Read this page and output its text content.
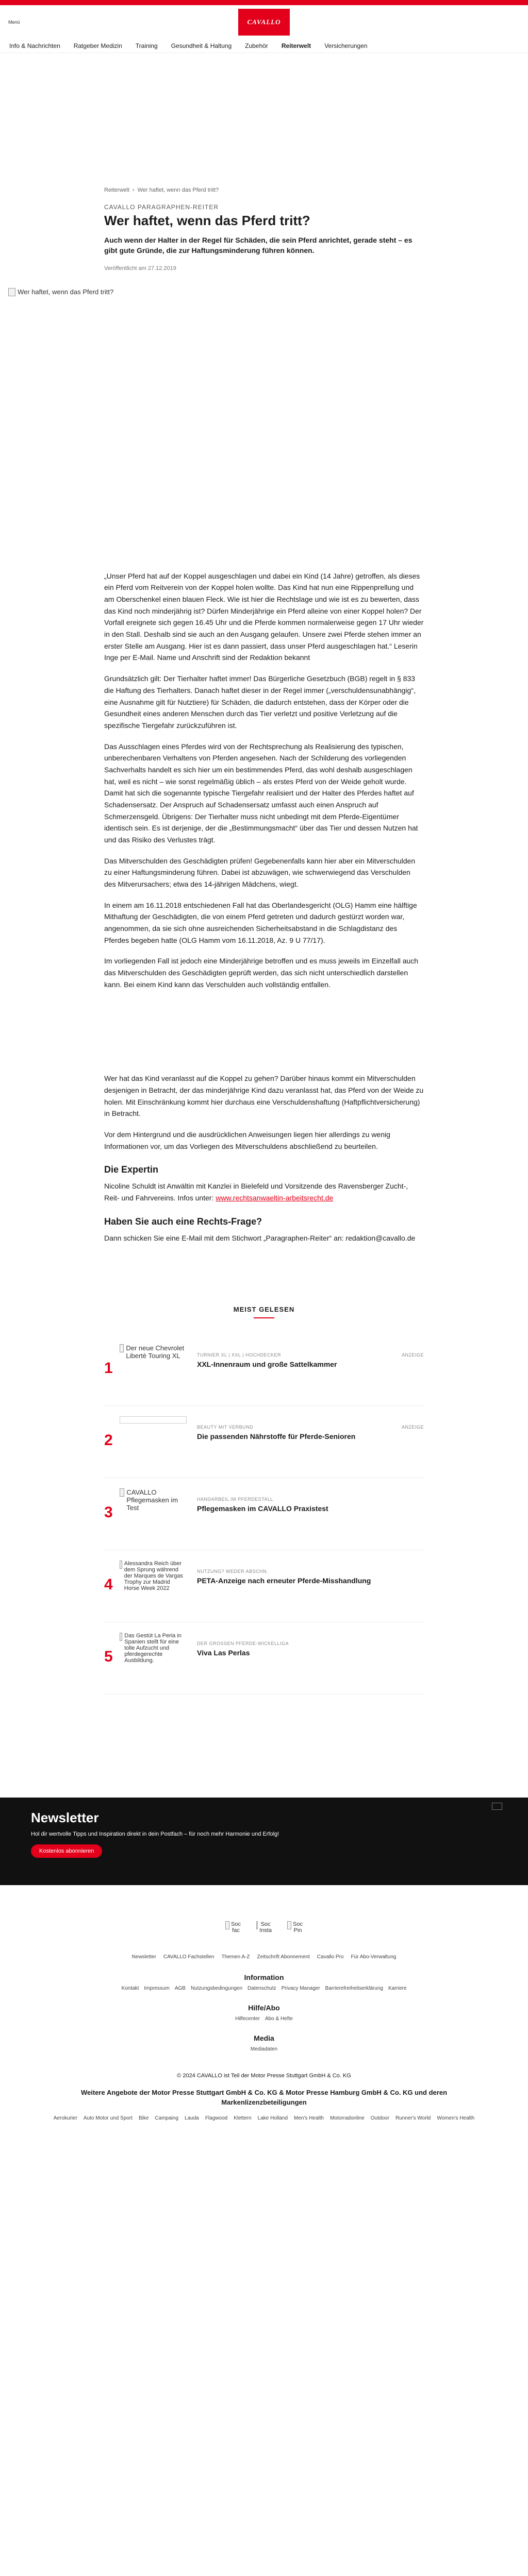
Menü	CAVALLO
Info & Nachrichten Ratgeber Medizin Training Gesundheit & Haltung Zubehör Reiterwelt Versicherungen
Reiterwelt › Wer haftet, wenn das Pferd tritt?
CAVALLO PARAGRAPHEN-REITER
Wer haftet, wenn das Pferd tritt?

Auch wenn der Halter in der Regel für Schäden, die sein Pferd anrichtet, gerade steht – es gibt gute Gründe, die zur Haftungsminderung führen können.

Veröffentlicht am 27.12.2019
Wer haftet, wenn das Pferd tritt?

„Unser Pferd hat auf der Koppel ausgeschlagen und dabei ein Kind (14 Jahre) getroffen, als dieses ein Pferd vom Reitverein von der Koppel holen wollte. Das Kind hat nun eine Rippenprellung und am Oberschenkel einen blauen Fleck. Wie ist hier die Rechtslage und wie ist es zu bewerten, dass das Kind noch minderjährig ist? Dürfen Minderjährige ein Pferd alleine von einer Koppel holen? Der Vorfall ereignete sich gegen 16.45 Uhr und die Pferde kommen normalerweise gegen 17 Uhr wieder in den Stall. Deshalb sind sie auch an den Ausgang gelaufen. Unsere zwei Pferde stehen immer an erster Stelle am Ausgang. Hier ist es dann passiert, dass unser Pferd ausgeschlagen hat.“ Leserin Inge per E-Mail. Name und Anschrift sind der Redaktion bekannt

Grundsätzlich gilt: Der Tierhalter haftet immer! Das Bürgerliche Gesetzbuch (BGB) regelt in § 833 die Haftung des Tierhalters. Danach haftet dieser in der Regel immer („verschuldensunabhängig“, eine Ausnahme gilt für Nutztiere) für Schäden, die dadurch entstehen, dass der Körper oder die Gesundheit eines anderen Menschen durch das Tier verletzt und positive Verletzung auf die spezifische Tiergefahr zurückzuführen ist.

Das Ausschlagen eines Pferdes wird von der Rechtsprechung als Realisierung des typischen, unberechenbaren Verhaltens von Pferden angesehen. Nach der Schilderung des vorliegenden Sachverhalts handelt es sich hier um ein bestimmendes Pferd, das wohl deshalb ausgeschlagen hat, weil es nicht – wie sonst regelmäßig üblich – als erstes Pferd von der Weide geholt wurde. Damit hat sich die sogenannte typische Tiergefahr realisiert und der Halter des Pferdes haftet auf Schadensersatz. Der Anspruch auf Schadensersatz umfasst auch einen Anspruch auf Schmerzensgeld. Übrigens: Der Tierhalter muss nicht unbedingt mit dem Pferde-Eigentümer identisch sein. Es ist derjenige, der die „Bestimmungsmacht“ über das Tier und dessen Nutzen hat und das Risiko des Verlustes trägt.

Das Mitverschulden des Geschädigten prüfen! Gegebenenfalls kann hier aber ein Mitverschulden zu einer Haftungsminderung führen. Dabei ist abzuwägen, wie schwerwiegend das Verschulden des Mitverursachers; etwa des 14-jährigen Mädchens, wiegt.

In einem am 16.11.2018 entschiedenen Fall hat das Oberlandesgericht (OLG) Hamm eine hälftige Mithaftung der Geschädigten, die von einem Pferd getreten und dadurch gestürzt worden war, angenommen, da sie sich ohne ausreichenden Sicherheitsabstand in die Schlagdistanz des Pferdes begeben hatte (OLG Hamm vom 16.11.2018, Az. 9 U 77/17).

Im vorliegenden Fall ist jedoch eine Minderjährige betroffen und es muss jeweils im Einzelfall auch das Mitverschulden des Geschädigten geprüft werden, das sich nicht unterschiedlich darstellen kann. Bei einem Kind kann das Verschulden auch vollständig entfallen.

Wer hat das Kind veranlasst auf die Koppel zu gehen? Darüber hinaus kommt ein Mitverschulden desjenigen in Betracht, der das minderjährige Kind dazu veranlasst hat, das Pferd von der Weide zu holen. Mit Einschränkung kommt hier durchaus eine Verschuldenshaftung (Haftpflichtversicherung) in Betracht.

Vor dem Hintergrund und die ausdrücklichen Anweisungen liegen hier allerdings zu wenig Informationen vor, um das Vorliegen des Mitverschuldens abschließend zu beurteilen.

Die Expertin

Nicoline Schuldt ist Anwältin mit Kanzlei in Bielefeld und Vorsitzende des Ravensberger Zucht-, Reit- und Fahrvereins. Infos unter: www.rechtsanwaeltin-arbeitsrecht.de

Haben Sie auch eine Rechts-Frage?

Dann schicken Sie eine E-Mail mit dem Stichwort „Paragraphen-Reiter“ an: redaktion@cavallo.de

MEIST GELESEN
1
Der neue Chevrolet Libertè Touring XL	TURNIER XL | XXL | HOCHDECKER	ANZEIGE
XXL-Innenraum und große Sattelkammer
2
BEAUTY MIT VERBUND	ANZEIGE
Die passenden Nährstoffe für Pferde-Senioren
3
CAVALLO Pflegemasken im Test
HANDARBEIL IM PFERDESTALL
Pflegemasken im CAVALLO Praxistest
4
Alessandra Reich über dem Sprung während der Marques de Vargas Trophy zur Madrid Horse Week 2022
NUTZUNG? WEDER ABSCHN.
PETA-Anzeige nach erneuter Pferde-Misshandlung
5
Das Gestüt La Peria in Spanien stellt für eine tolle Aufzucht und pferdegerechte Ausbildung.
DER GROSSEN PFERDE-WICKELLIGA
Viva Las Perlas
Newsletter
Hol dir wertvolle Tipps und Inspiration direkt in dein Postfach – für noch mehr Harmonie und Erfolg!
Kostenlos abonnieren
Soc fac
Soc Insta
Soc Pin
Newsletter CAVALLO Fachstellen Themen A-Z Zeitschrift Abonnement Cavallo Pro Für Abo-Verwaltung
Information
Kontakt Impressum AGB Nutzungsbedingungen Datenschutz Privacy Manager Barrierefreiheitserklärung Karriere
Hilfe/Abo
Hilfecenter Abo & Hefte
Media
Mediadaten
© 2024 CAVALLO ist Teil der Motor Presse Stuttgart GmbH & Co. KG
Weitere Angebote der Motor Presse Stuttgart GmbH & Co. KG & Motor Presse Hamburg GmbH & Co. KG und deren Markenlizenzbeteiligungen
Aerokurier Auto Motor und Sport Bike Campaing Lauda Flagwood Klettern Lake Holland Men's Health Motorradonline Outdoor Runner's World Women's Health
